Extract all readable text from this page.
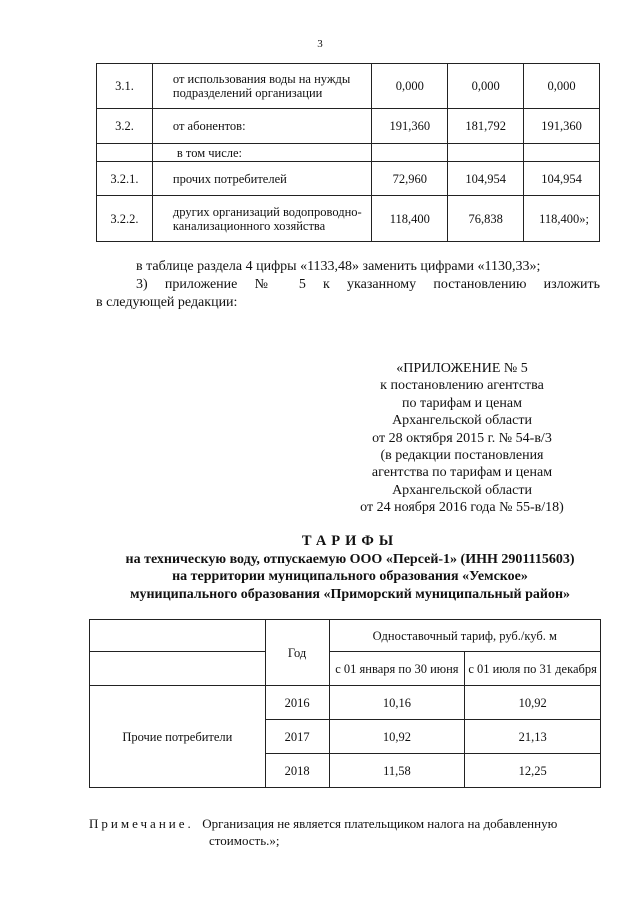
3
3.1.	от использования воды на нужды подразделений организации	0,000	0,000	0,000
3.2.	от абонентов:	191,360	181,792	191,360
	в том числе:			
3.2.1.	прочих потребителей	72,960	104,954	104,954
3.2.2.	других организаций водопроводно-канализационного хозяйства	118,400	76,838	118,400»;
в таблице раздела 4 цифры «1133,48» заменить цифрами «1130,33»;
3) приложение № 5 к указанному постановлению изложить
в следующей редакции:
«ПРИЛОЖЕНИЕ № 5
к постановлению агентства
по тарифам и ценам
Архангельской области
от 28 октября 2015 г. № 54-в/3
(в редакции постановления
агентства по тарифам и ценам
Архангельской области
от 24 ноября 2016 года № 55-в/18)
ТАРИФЫ
на техническую воду, отпускаемую ООО «Персей-1» (ИНН 2901115603)
на территории муниципального образования «Уемское»
муниципального образования «Приморский муниципальный район»
	Год	Одноставочный тариф, руб./куб. м	
		с 01 января по 30 июня	с 01 июля по 31 декабря
Прочие потребители	2016	10,16	10,92
	2017	10,92	21,13
	2018	11,58	12,25
Примечание. Организация не является плательщиком налога на добавленную
стоимость.»;
